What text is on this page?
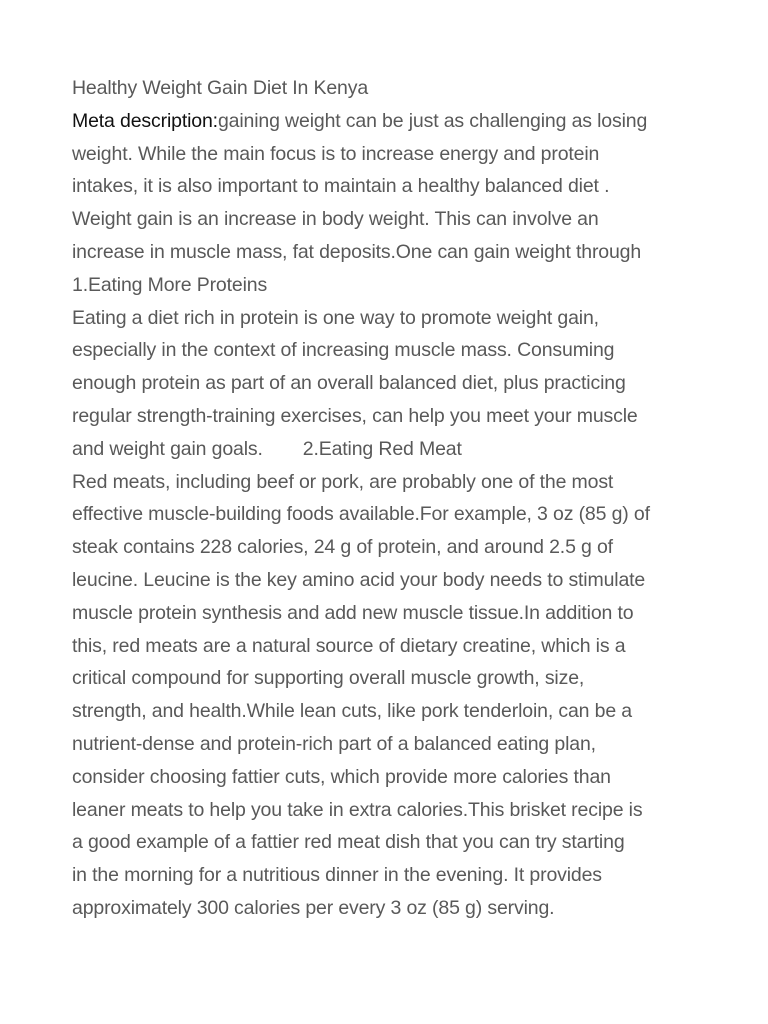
Healthy Weight Gain Diet In Kenya
Meta description:gaining weight can be just as challenging as losing
weight. While the main focus is to increase energy and protein
intakes, it is also important to maintain a healthy balanced diet .
Weight gain is an increase in body weight. This can involve an
increase in muscle mass, fat deposits.One can gain weight through
1.Eating More Proteins
Eating a diet rich in protein is one way to promote weight gain,
especially in the context of increasing muscle mass. Consuming
enough protein as part of an overall balanced diet, plus practicing
regular strength-training exercises, can help you meet your muscle
and weight gain goals. 2.Eating Red Meat
Red meats, including beef or pork, are probably one of the most
effective muscle-building foods available.For example, 3 oz (85 g) of
steak contains 228 calories, 24 g of protein, and around 2.5 g of
leucine. Leucine is the key amino acid your body needs to stimulate
muscle protein synthesis and add new muscle tissue.In addition to
this, red meats are a natural source of dietary creatine, which is a
critical compound for supporting overall muscle growth, size,
strength, and health.While lean cuts, like pork tenderloin, can be a
nutrient-dense and protein-rich part of a balanced eating plan,
consider choosing fattier cuts, which provide more calories than
leaner meats to help you take in extra calories.This brisket recipe is
a good example of a fattier red meat dish that you can try starting
in the morning for a nutritious dinner in the evening. It provides
approximately 300 calories per every 3 oz (85 g) serving.
